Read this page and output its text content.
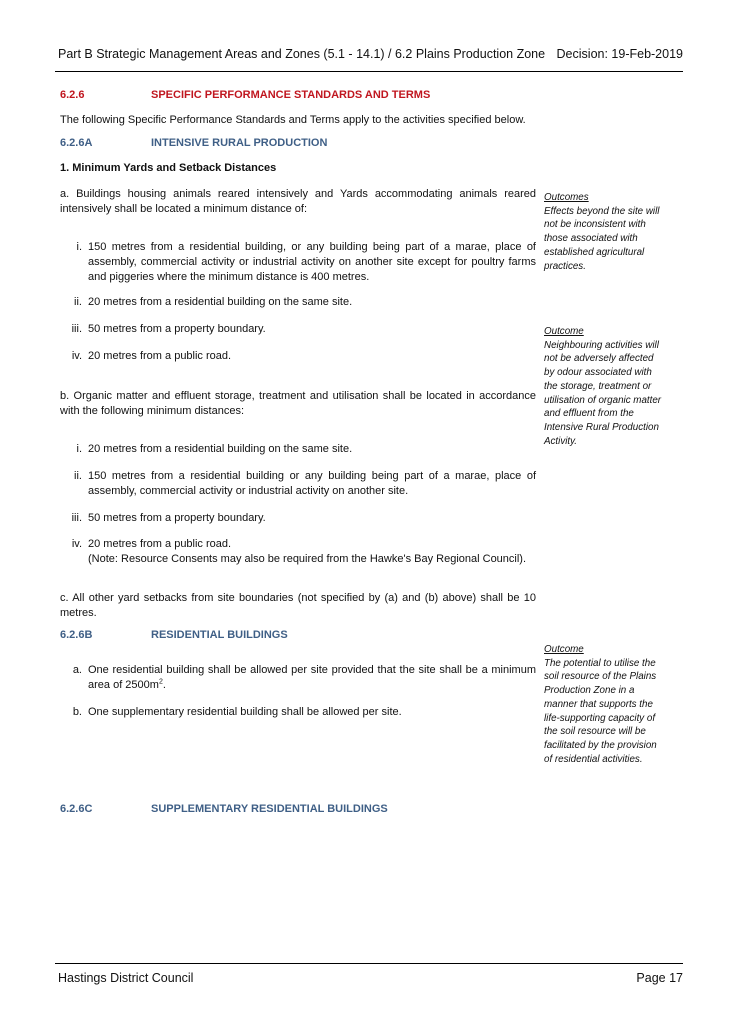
Part B Strategic Management Areas and Zones (5.1 - 14.1) / 6.2 Plains Production Zone Decision: 19-Feb-2019
6.2.6	SPECIFIC PERFORMANCE STANDARDS AND TERMS
The following Specific Performance Standards and Terms apply to the activities specified below.
6.2.6A	INTENSIVE RURAL PRODUCTION
1. Minimum Yards and Setback Distances
a. Buildings housing animals reared intensively and Yards accommodating animals reared intensively shall be located a minimum distance of:
i. 150 metres from a residential building, or any building being part of a marae, place of assembly, commercial activity or industrial activity on another site except for poultry farms and piggeries where the minimum distance is 400 metres.
ii. 20 metres from a residential building on the same site.
iii. 50 metres from a property boundary.
iv. 20 metres from a public road.
b. Organic matter and effluent storage, treatment and utilisation shall be located in accordance with the following minimum distances:
i. 20 metres from a residential building on the same site.
ii. 150 metres from a residential building or any building being part of a marae, place of assembly, commercial activity or industrial activity on another site.
iii. 50 metres from a property boundary.
iv. 20 metres from a public road.
(Note: Resource Consents may also be required from the Hawke's Bay Regional Council).
c. All other yard setbacks from site boundaries (not specified by (a) and (b) above) shall be 10 metres.
6.2.6B	RESIDENTIAL BUILDINGS
a. One residential building shall be allowed per site provided that the site shall be a minimum area of $2500m^2$.
b. One supplementary residential building shall be allowed per site.
6.2.6C	SUPPLEMENTARY RESIDENTIAL BUILDINGS
Outcomes
Effects beyond the site will not be inconsistent with those associated with established agricultural practices.
Outcome
Neighbouring activities will not be adversely affected by odour associated with the storage, treatment or utilisation of organic matter and effluent from the Intensive Rural Production Activity.
Outcome
The potential to utilise the soil resource of the Plains Production Zone in a manner that supports the life-supporting capacity of the soil resource will be facilitated by the provision of residential activities.
Hastings District Council	Page 17
